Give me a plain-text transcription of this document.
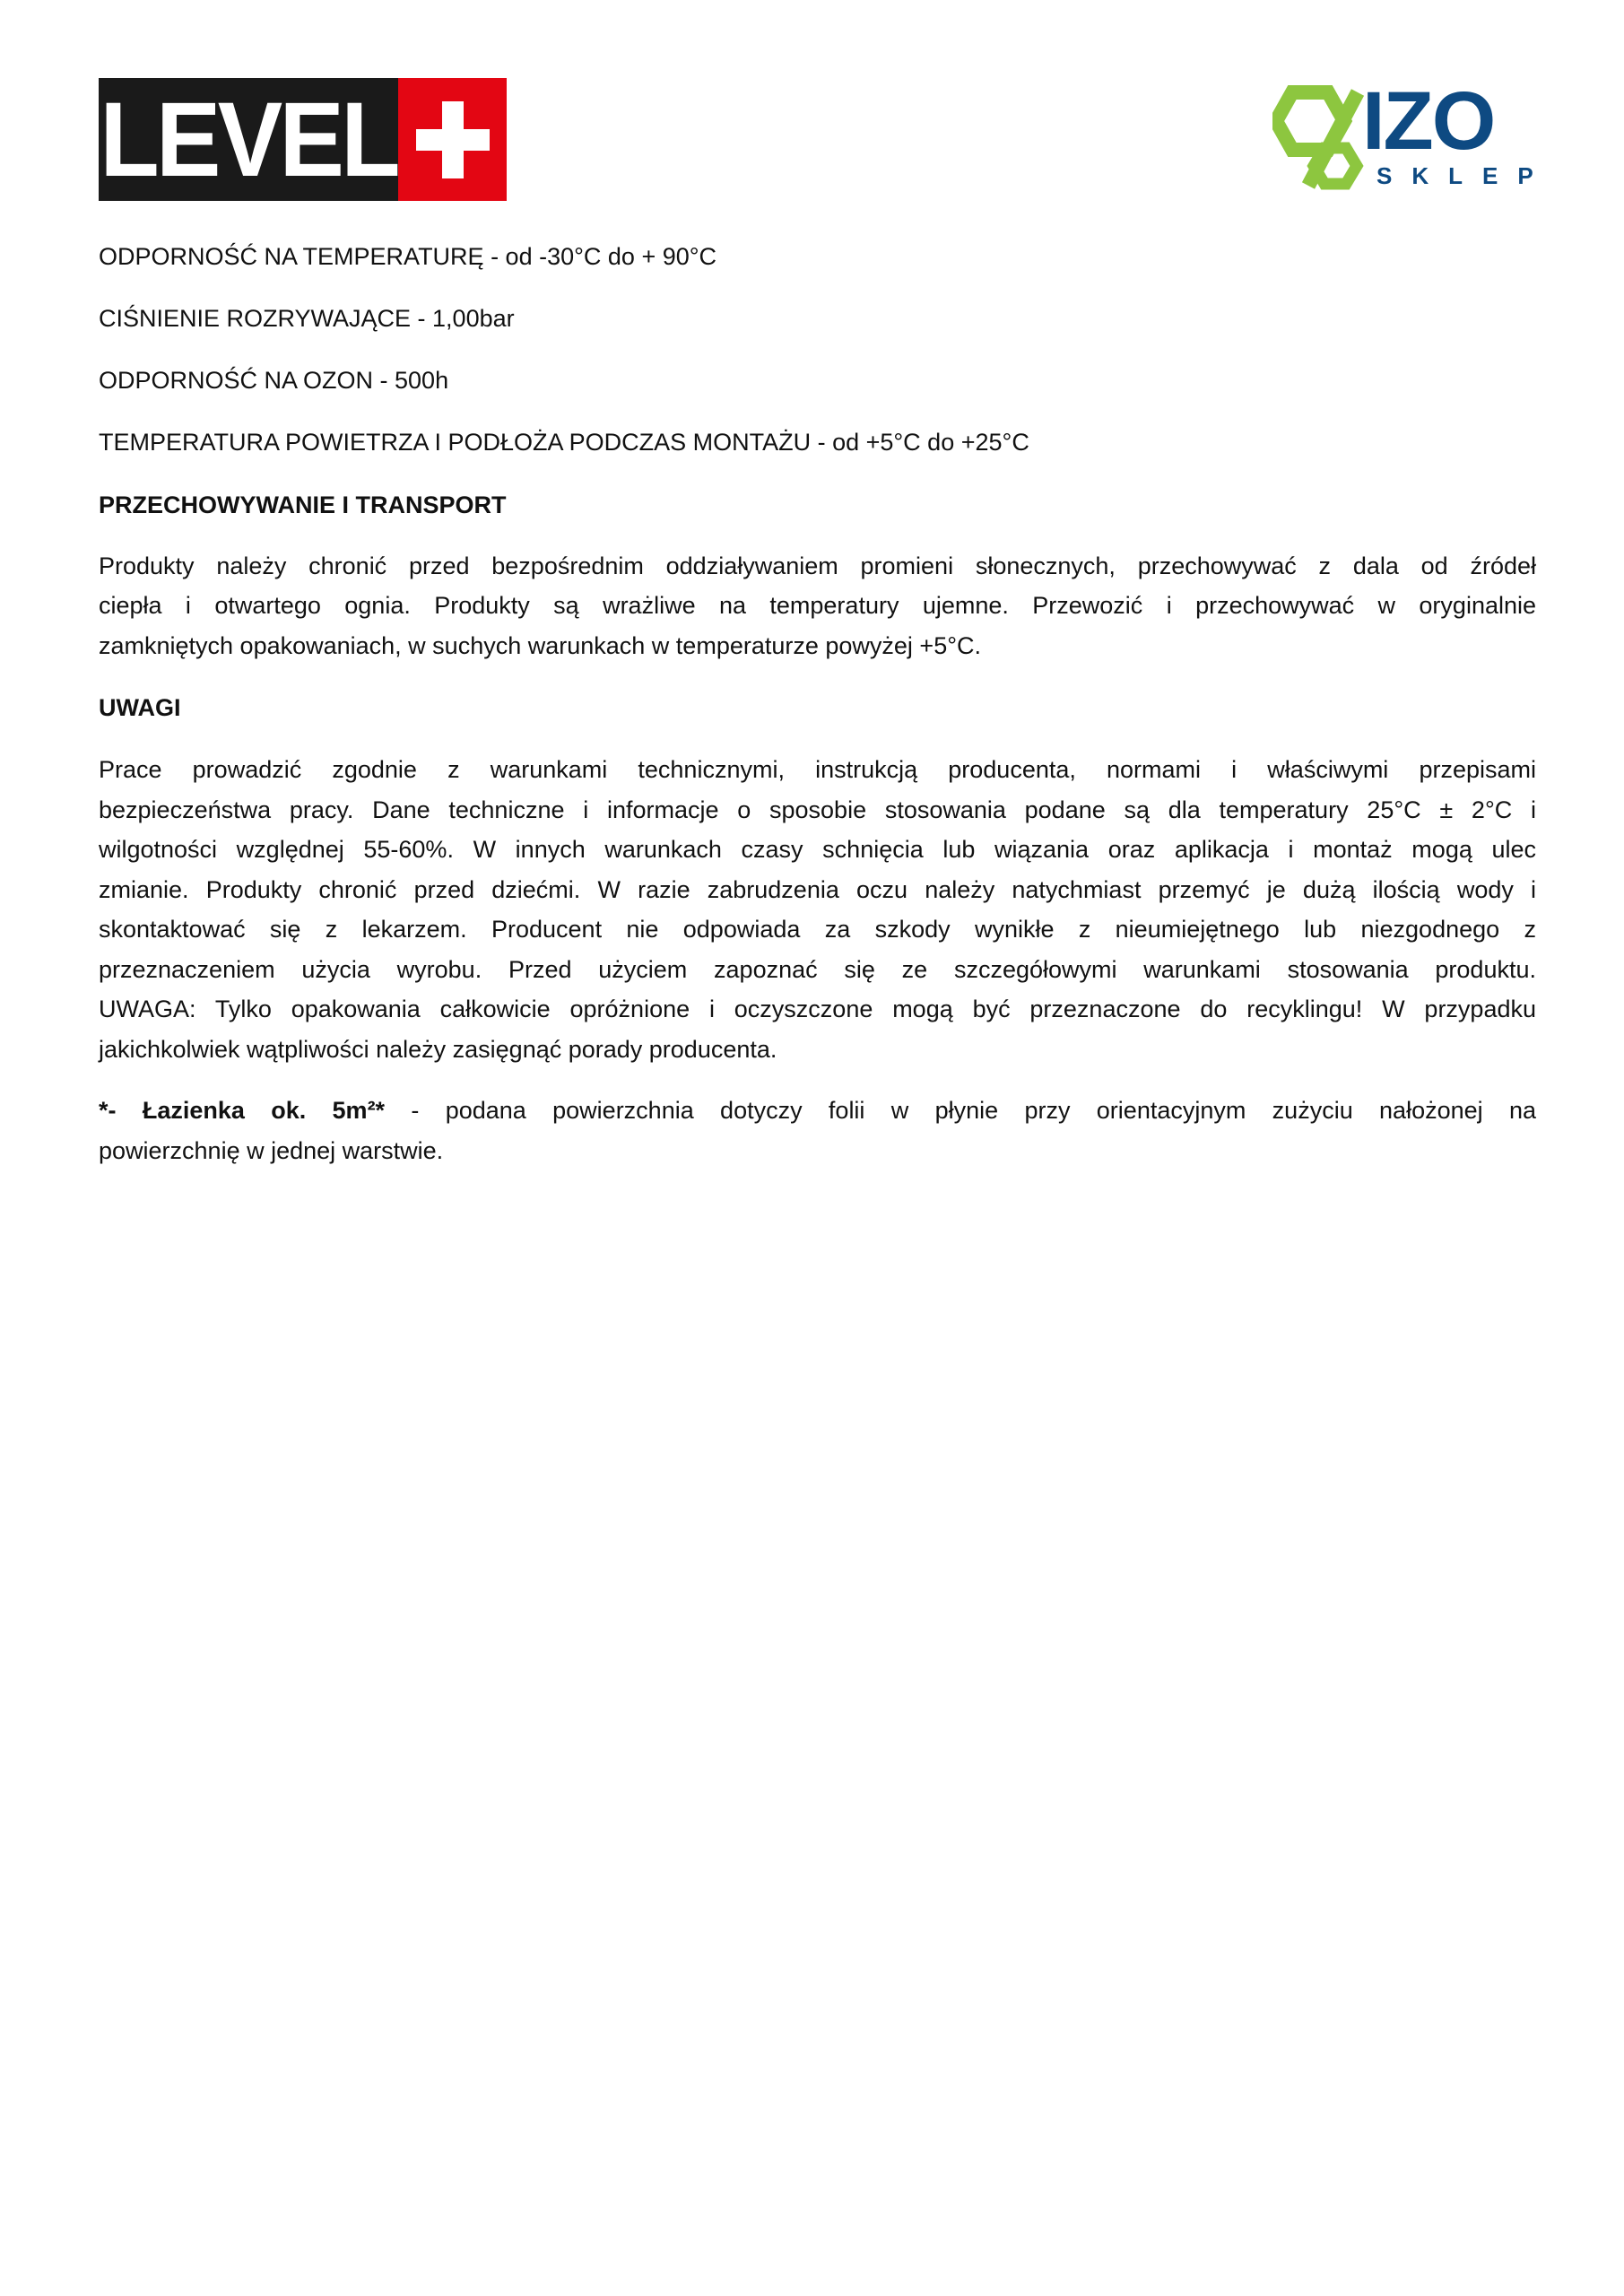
LEVEL	IZO
SKLEP
ODPORNOŚĆ NA TEMPERATURĘ - od -30°C do + 90°C
CIŚNIENIE ROZRYWAJĄCE - 1,00bar
ODPORNOŚĆ NA OZON - 500h
TEMPERATURA POWIETRZA I PODŁOŻA PODCZAS MONTAŻU - od +5°C do +25°C
PRZECHOWYWANIE I TRANSPORT
Produkty należy chronić przed bezpośrednim oddziaływaniem promieni słonecznych, przechowywać z dala od źródeł
ciepła i otwartego ognia. Produkty są wrażliwe na temperatury ujemne. Przewozić i przechowywać w oryginalnie
zamkniętych opakowaniach, w suchych warunkach w temperaturze powyżej +5°C.
UWAGI
Prace prowadzić zgodnie z warunkami technicznymi, instrukcją producenta, normami i właściwymi przepisami
bezpieczeństwa pracy. Dane techniczne i informacje o sposobie stosowania podane są dla temperatury 25°C ± 2°C i
wilgotności względnej 55-60%. W innych warunkach czasy schnięcia lub wiązania oraz aplikacja i montaż mogą ulec
zmianie. Produkty chronić przed dziećmi. W razie zabrudzenia oczu należy natychmiast przemyć je dużą ilością wody i
skontaktować się z lekarzem. Producent nie odpowiada za szkody wynikłe z nieumiejętnego lub niezgodnego z
przeznaczeniem użycia wyrobu. Przed użyciem zapoznać się ze szczegółowymi warunkami stosowania produktu.
UWAGA: Tylko opakowania całkowicie opróżnione i oczyszczone mogą być przeznaczone do recyklingu! W przypadku
jakichkolwiek wątpliwości należy zasięgnąć porady producenta.
*- Łazienka ok. 5m²* - podana powierzchnia dotyczy folii w płynie przy orientacyjnym zużyciu nałożonej na
powierzchnię w jednej warstwie.
